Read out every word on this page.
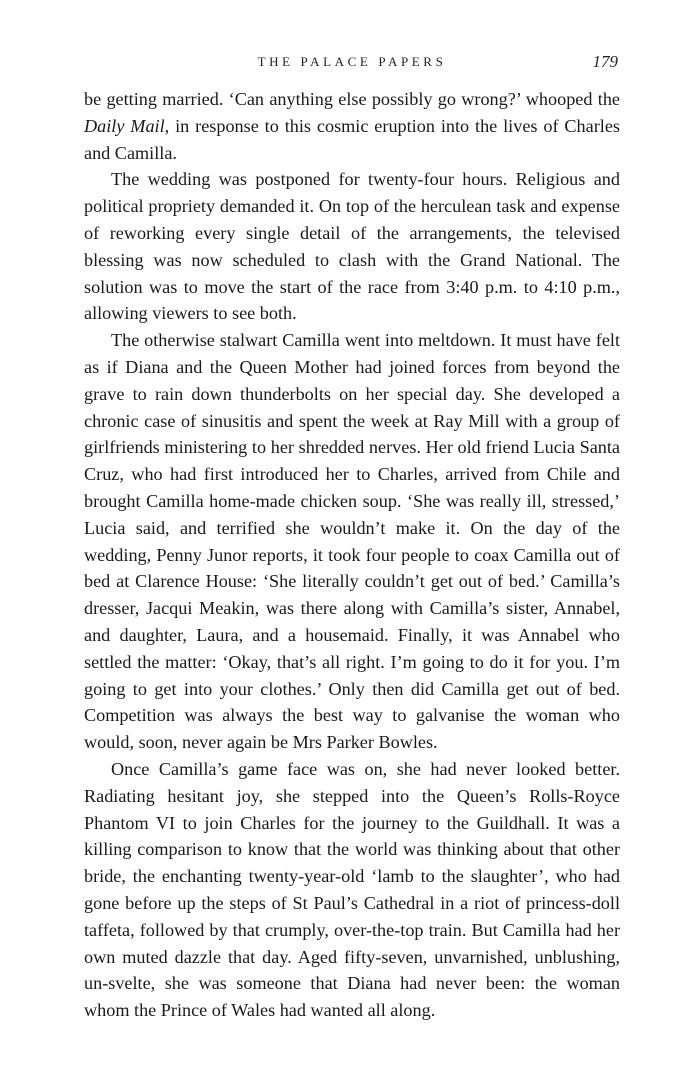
THE PALACE PAPERS	179

be getting married. ‘Can anything else possibly go wrong?’ whooped the Daily Mail, in response to this cosmic eruption into the lives of Charles and Camilla.

The wedding was postponed for twenty-four hours. Religious and political propriety demanded it. On top of the herculean task and expense of reworking every single detail of the arrangements, the televised blessing was now scheduled to clash with the Grand National. The solution was to move the start of the race from 3:40 p.m. to 4:10 p.m., allowing viewers to see both.

The otherwise stalwart Camilla went into meltdown. It must have felt as if Diana and the Queen Mother had joined forces from beyond the grave to rain down thunderbolts on her special day. She developed a chronic case of sinusitis and spent the week at Ray Mill with a group of girlfriends ministering to her shredded nerves. Her old friend Lucia Santa Cruz, who had first introduced her to Charles, arrived from Chile and brought Camilla home-made chicken soup. ‘She was really ill, stressed,’ Lucia said, and terrified she wouldn’t make it. On the day of the wedding, Penny Junor reports, it took four people to coax Camilla out of bed at Clarence House: ‘She literally couldn’t get out of bed.’ Camilla’s dresser, Jacqui Meakin, was there along with Camilla’s sister, Annabel, and daughter, Laura, and a housemaid. Finally, it was Annabel who settled the matter: ‘Okay, that’s all right. I’m going to do it for you. I’m going to get into your clothes.’ Only then did Camilla get out of bed. Competition was always the best way to galvanise the woman who would, soon, never again be Mrs Parker Bowles.

Once Camilla’s game face was on, she had never looked better. Radiating hesitant joy, she stepped into the Queen’s Rolls-Royce Phantom VI to join Charles for the journey to the Guildhall. It was a killing comparison to know that the world was thinking about that other bride, the enchanting twenty-year-old ‘lamb to the slaughter’, who had gone before up the steps of St Paul’s Cathedral in a riot of princess-doll taffeta, followed by that crumply, over-the-top train. But Camilla had her own muted dazzle that day. Aged fifty-seven, unvarnished, unblushing, un-svelte, she was someone that Diana had never been: the woman whom the Prince of Wales had wanted all along.
